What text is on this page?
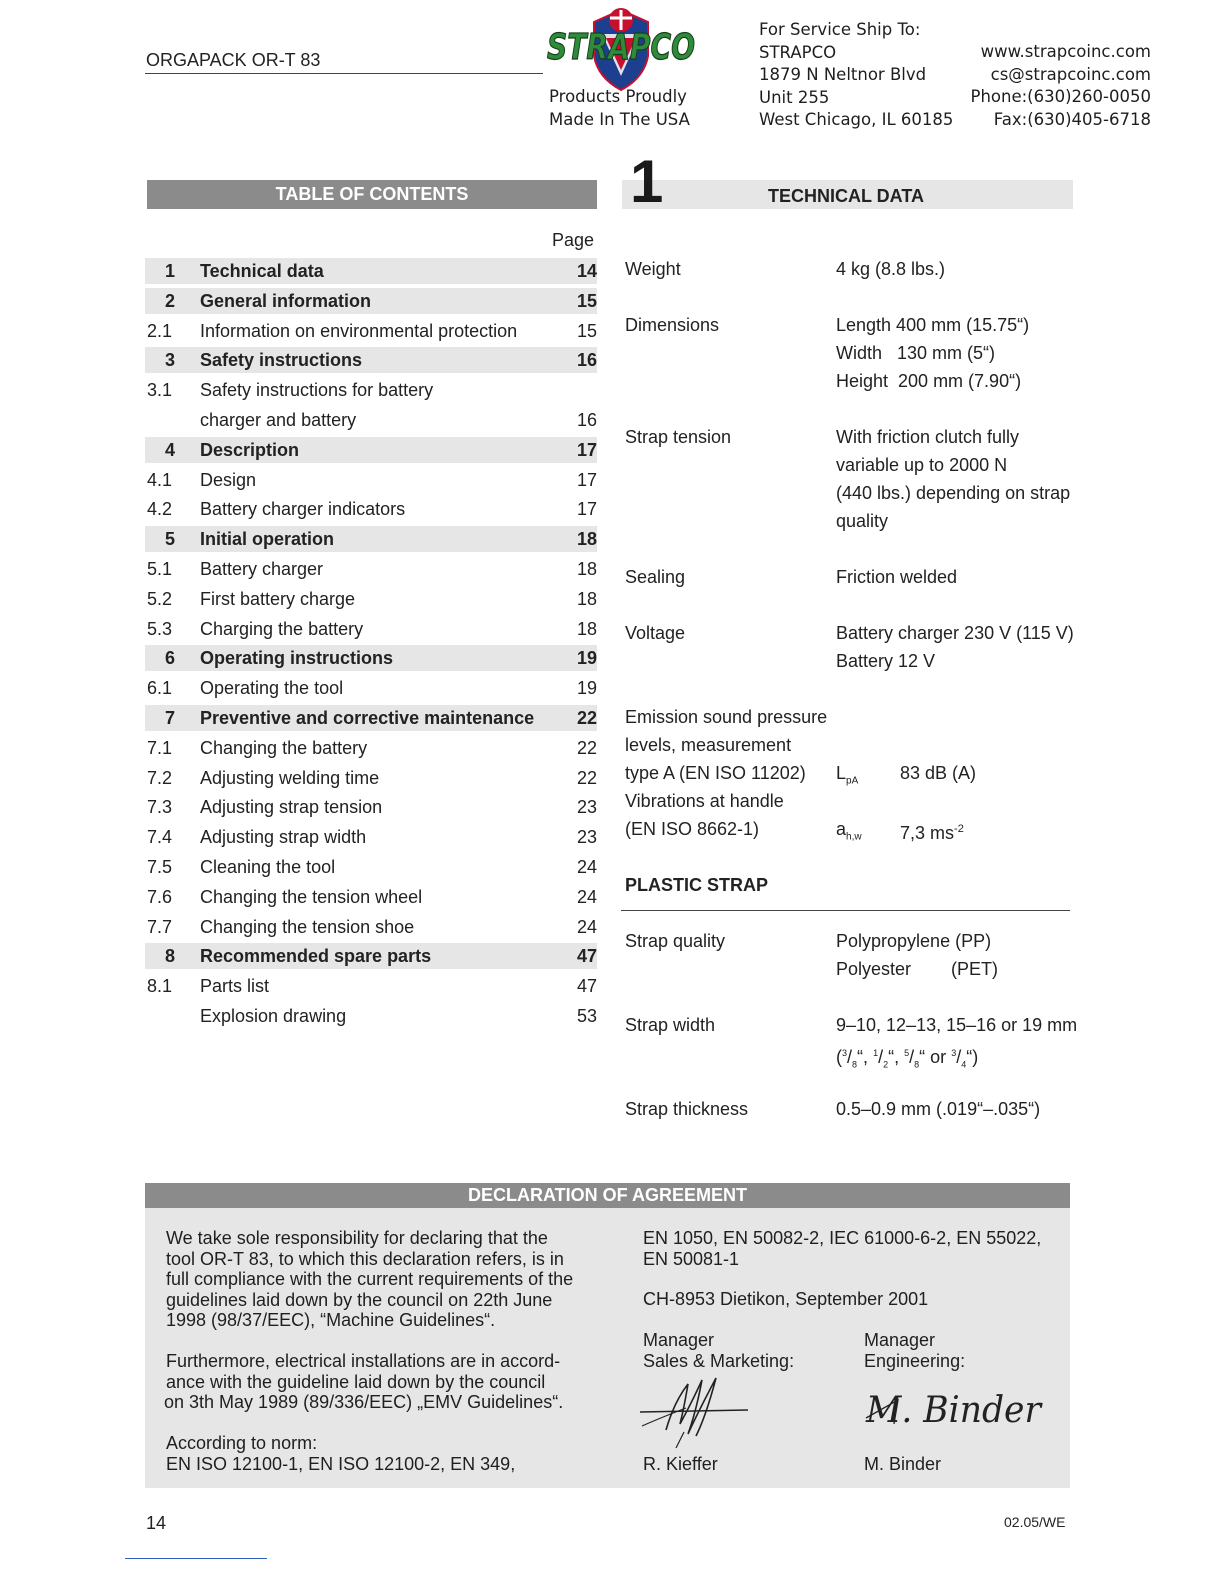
ORGAPACK OR-T 83	STRAPCO
Products Proudly
Made In The USA
For Service Ship To:
STRAPCO
1879 N Neltnor Blvd
Unit 255
West Chicago, IL 60185
www.strapcoinc.com
cs@strapcoinc.com
Phone:(630)260-0050
Fax:(630)405-6718
TABLE OF CONTENTS
Page
1 Technical data	14
2 General information	15
2.1 Information on environmental protection	15
3 Safety instructions	16
3.1 Safety instructions for battery
charger and battery	16
4 Description	17
4.1 Design	17
4.2 Battery charger indicators	17
5 Initial operation	18
5.1 Battery charger	18
5.2 First battery charge	18
5.3 Charging the battery	18
6 Operating instructions	19
6.1 Operating the tool	19
7 Preventive and corrective maintenance	22
7.1 Changing the battery	22
7.2 Adjusting welding time	22
7.3 Adjusting strap tension	23
7.4 Adjusting strap width	23
7.5 Cleaning the tool	24
7.6 Changing the tension wheel	24
7.7 Changing the tension shoe	24
8 Recommended spare parts	47
8.1 Parts list	47
Explosion drawing	53
1	TECHNICAL DATA
Weight	4 kg (8.8 lbs.)
Dimensions	Length 400 mm (15.75“)
Width   130 mm (5“)
Height  200 mm (7.90“)
Strap tension	With friction clutch fully
variable up to 2000 N
(440 lbs.) depending on strap
quality
Sealing	Friction welded
Voltage	Battery charger 230 V (115 V)
Battery 12 V
Emission sound pressure
levels, measurement
type A (EN ISO 11202) $L_{pA}$ 83 dB (A)
Vibrations at handle
(EN ISO 8662-1)	$a_{h,w}$ 7,3 $ms^{-2}$
PLASTIC STRAP
Strap quality	Polypropylene (PP)
Polyester        (PET)
Strap width	9–10, 12–13, 15–16 or 19 mm
($^3/_8“$, $^1/_2“$, $^5/_8“$ or $^3/_4“$)
Strap thickness	0.5–0.9 mm (.019“–.035“)
DECLARATION OF AGREEMENT
We take sole responsibility for declaring that the
tool OR-T 83, to which this declaration refers, is in
full compliance with the current requirements of the
guidelines laid down by the council on 22th June
1998 (98/37/EEC), “Machine Guidelines“.
Furthermore, electrical installations are in accord-
ance with the guideline laid down by the council
on 3th May 1989 (89/336/EEC) „EMV Guidelines“.
According to norm:
EN ISO 12100-1, EN ISO 12100-2, EN 349,
EN 1050, EN 50082-2, IEC 61000-6-2, EN 55022,
EN 50081-1
CH-8953 Dietikon, September 2001
Manager
Sales & Marketing:
Manager
Engineering:
M. Binder
R. Kieffer	M. Binder
14	02.05/WE
